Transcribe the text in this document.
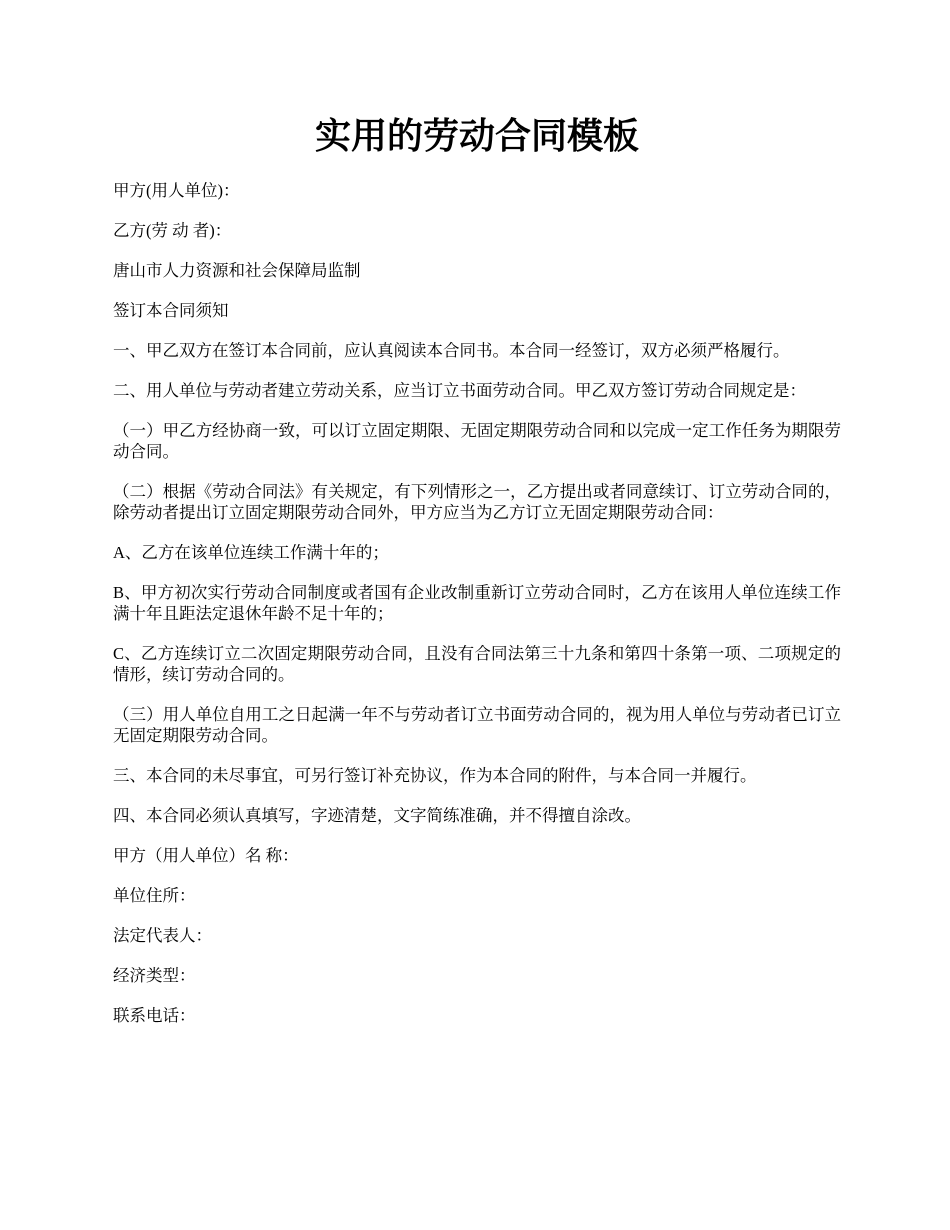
实用的劳动合同模板

甲方(用人单位)：

乙方(劳 动 者)：

唐山市人力资源和社会保障局监制

签订本合同须知

一、甲乙双方在签订本合同前，应认真阅读本合同书。本合同一经签订，双方必须严格履行。

二、用人单位与劳动者建立劳动关系，应当订立书面劳动合同。甲乙双方签订劳动合同规定是：

（一）甲乙方经协商一致，可以订立固定期限、无固定期限劳动合同和以完成一定工作任务为期限劳动合同。

（二）根据《劳动合同法》有关规定，有下列情形之一，乙方提出或者同意续订、订立劳动合同的，除劳动者提出订立固定期限劳动合同外，甲方应当为乙方订立无固定期限劳动合同：

A、乙方在该单位连续工作满十年的；

B、甲方初次实行劳动合同制度或者国有企业改制重新订立劳动合同时，乙方在该用人单位连续工作满十年且距法定退休年龄不足十年的；

C、乙方连续订立二次固定期限劳动合同，且没有合同法第三十九条和第四十条第一项、二项规定的情形，续订劳动合同的。

（三）用人单位自用工之日起满一年不与劳动者订立书面劳动合同的，视为用人单位与劳动者已订立无固定期限劳动合同。

三、本合同的未尽事宜，可另行签订补充协议，作为本合同的附件，与本合同一并履行。

四、本合同必须认真填写，字迹清楚，文字简练准确，并不得擅自涂改。

甲方（用人单位）名 称：

单位住所：

法定代表人：

经济类型：

联系电话：
